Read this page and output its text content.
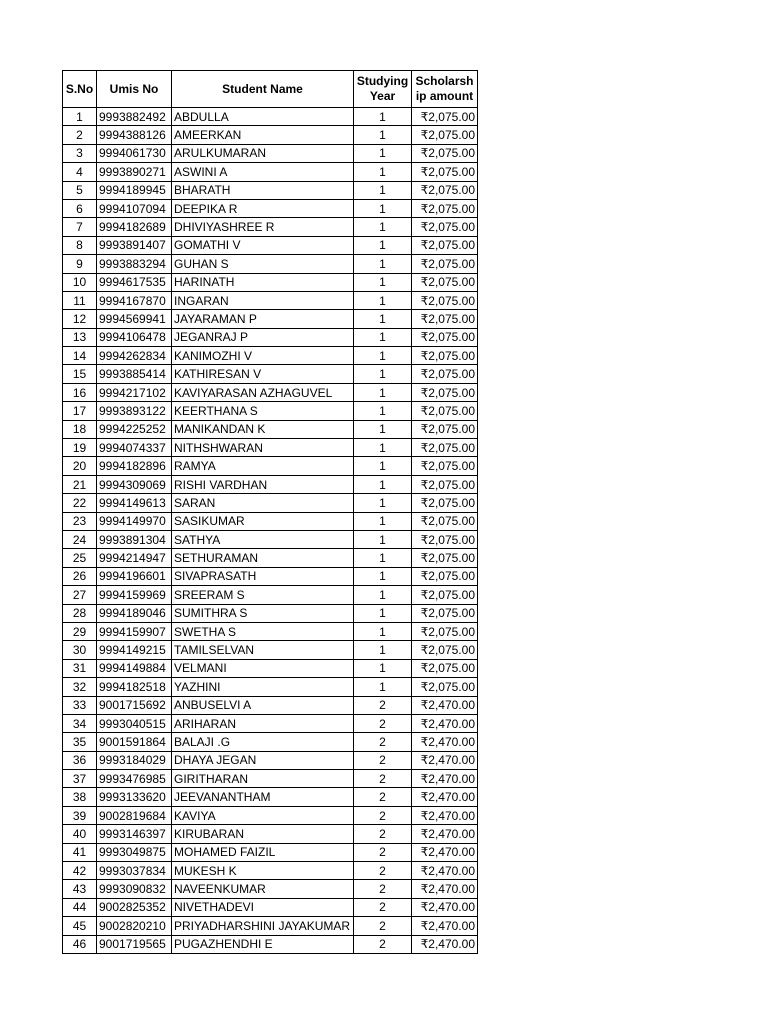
S.No	Umis No	Student Name	Studying Year	Scholarship amount
1	9993882492	ABDULLA	1	₹2,075.00
2	9994388126	AMEERKAN	1	₹2,075.00
3	9994061730	ARULKUMARAN	1	₹2,075.00
4	9993890271	ASWINI A	1	₹2,075.00
5	9994189945	BHARATH	1	₹2,075.00
6	9994107094	DEEPIKA R	1	₹2,075.00
7	9994182689	DHIVIYASHREE R	1	₹2,075.00
8	9993891407	GOMATHI V	1	₹2,075.00
9	9993883294	GUHAN S	1	₹2,075.00
10	9994617535	HARINATH	1	₹2,075.00
11	9994167870	INGARAN	1	₹2,075.00
12	9994569941	JAYARAMAN P	1	₹2,075.00
13	9994106478	JEGANRAJ P	1	₹2,075.00
14	9994262834	KANIMOZHI V	1	₹2,075.00
15	9993885414	KATHIRESAN V	1	₹2,075.00
16	9994217102	KAVIYARASAN AZHAGUVEL	1	₹2,075.00
17	9993893122	KEERTHANA S	1	₹2,075.00
18	9994225252	MANIKANDAN K	1	₹2,075.00
19	9994074337	NITHSHWARAN	1	₹2,075.00
20	9994182896	RAMYA	1	₹2,075.00
21	9994309069	RISHI VARDHAN	1	₹2,075.00
22	9994149613	SARAN	1	₹2,075.00
23	9994149970	SASIKUMAR	1	₹2,075.00
24	9993891304	SATHYA	1	₹2,075.00
25	9994214947	SETHURAMAN	1	₹2,075.00
26	9994196601	SIVAPRASATH	1	₹2,075.00
27	9994159969	SREERAM S	1	₹2,075.00
28	9994189046	SUMITHRA S	1	₹2,075.00
29	9994159907	SWETHA S	1	₹2,075.00
30	9994149215	TAMILSELVAN	1	₹2,075.00
31	9994149884	VELMANI	1	₹2,075.00
32	9994182518	YAZHINI	1	₹2,075.00
33	9001715692	ANBUSELVI A	2	₹2,470.00
34	9993040515	ARIHARAN	2	₹2,470.00
35	9001591864	BALAJI .G	2	₹2,470.00
36	9993184029	DHAYA JEGAN	2	₹2,470.00
37	9993476985	GIRITHARAN	2	₹2,470.00
38	9993133620	JEEVANANTHAM	2	₹2,470.00
39	9002819684	KAVIYA	2	₹2,470.00
40	9993146397	KIRUBARAN	2	₹2,470.00
41	9993049875	MOHAMED FAIZIL	2	₹2,470.00
42	9993037834	MUKESH K	2	₹2,470.00
43	9993090832	NAVEENKUMAR	2	₹2,470.00
44	9002825352	NIVETHADEVI	2	₹2,470.00
45	9002820210	PRIYADHARSHINI JAYAKUMAR	2	₹2,470.00
46	9001719565	PUGAZHENDHI E	2	₹2,470.00
